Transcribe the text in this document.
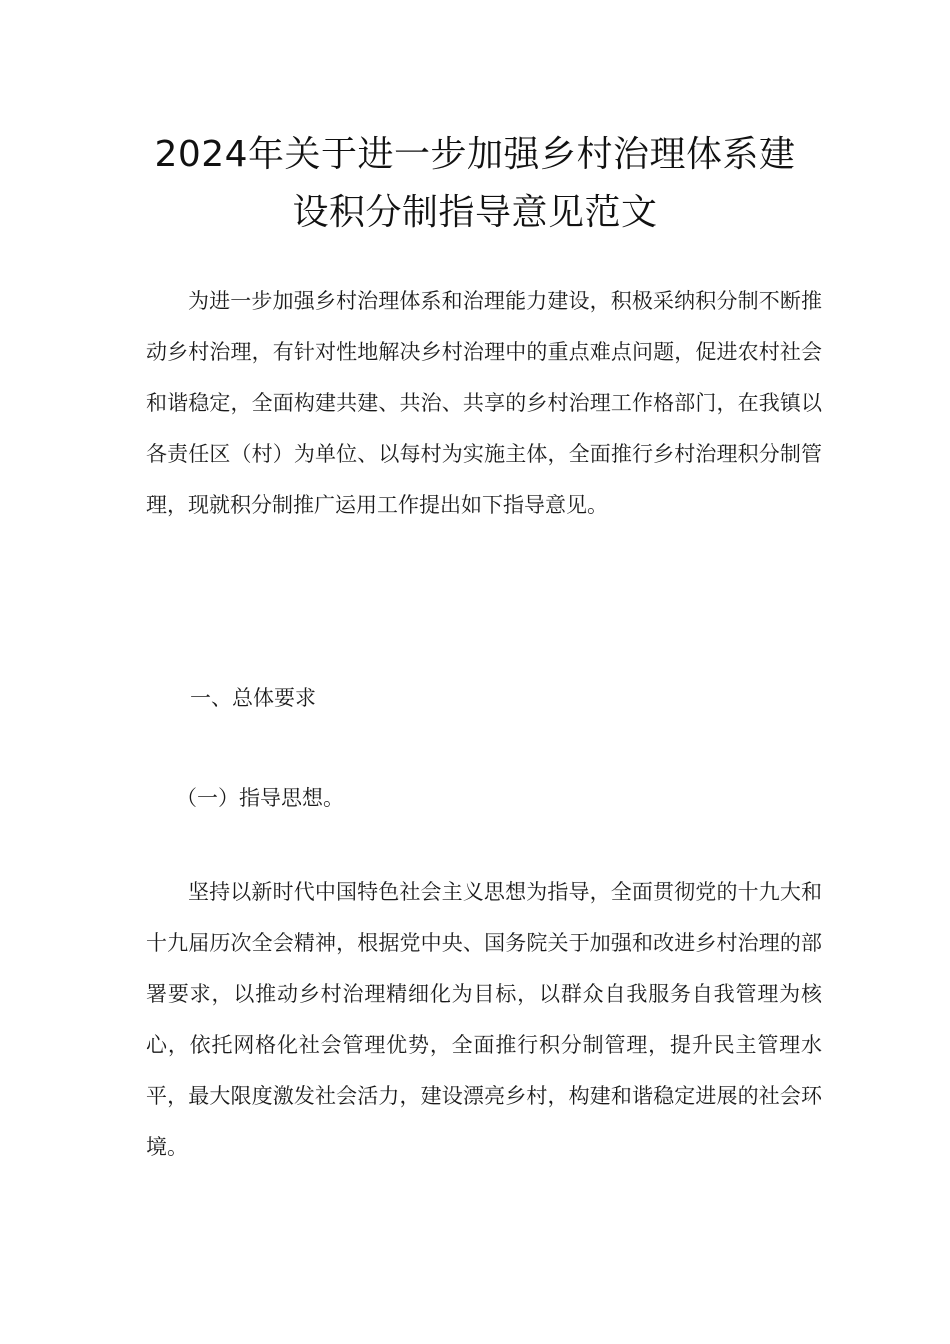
2024年关于进一步加强乡村治理体系建
设积分制指导意见范文

为进一步加强乡村治理体系和治理能力建设，积极采纳积分制不断推动乡村治理，有针对性地解决乡村治理中的重点难点问题，促进农村社会和谐稳定，全面构建共建、共治、共享的乡村治理工作格部门，在我镇以各责任区（村）为单位、以每村为实施主体，全面推行乡村治理积分制管理，现就积分制推广运用工作提出如下指导意见。

一、总体要求

（一）指导思想。

坚持以新时代中国特色社会主义思想为指导，全面贯彻党的十九大和十九届历次全会精神，根据党中央、国务院关于加强和改进乡村治理的部署要求，以推动乡村治理精细化为目标，以群众自我服务自我管理为核心，依托网格化社会管理优势，全面推行积分制管理，提升民主管理水平，最大限度激发社会活力，建设漂亮乡村，构建和谐稳定进展的社会环境。
